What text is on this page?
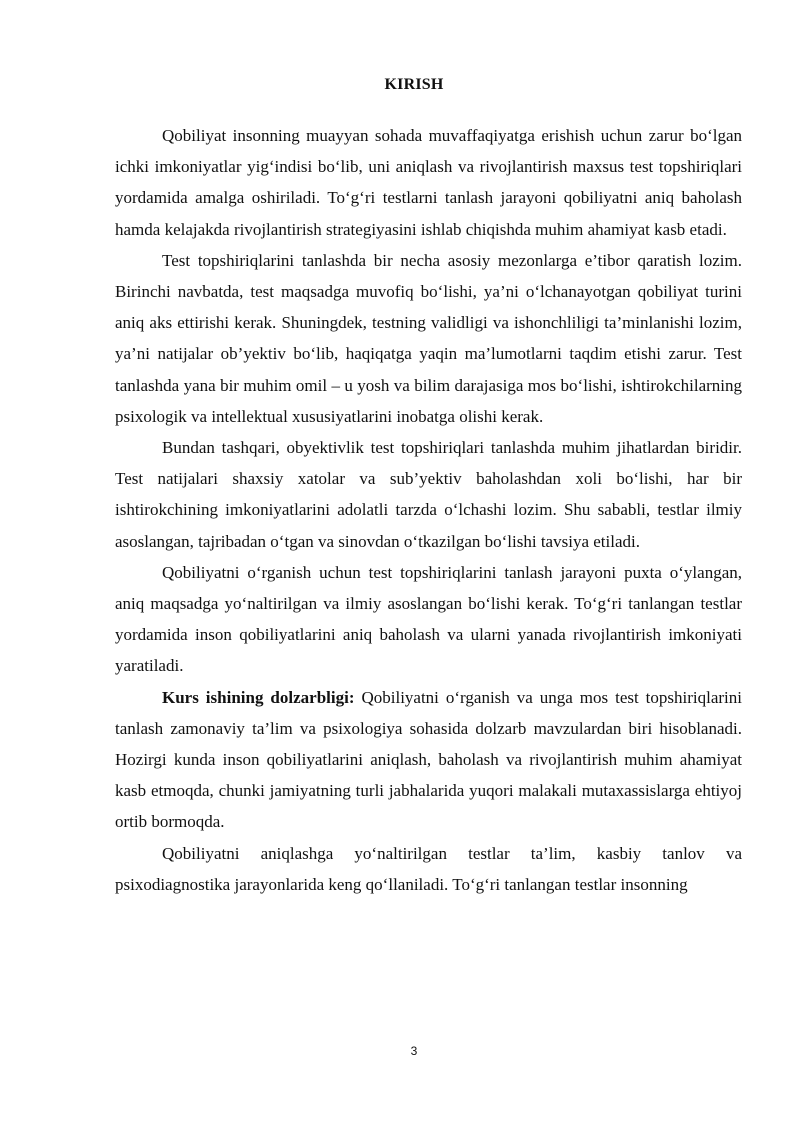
KIRISH

Qobiliyat insonning muayyan sohada muvaffaqiyatga erishish uchun zarur bo‘lgan ichki imkoniyatlar yig‘indisi bo‘lib, uni aniqlash va rivojlantirish maxsus test topshiriqlari yordamida amalga oshiriladi. To‘g‘ri testlarni tanlash jarayoni qobiliyatni aniq baholash hamda kelajakda rivojlantirish strategiyasini ishlab chiqishda muhim ahamiyat kasb etadi.

Test topshiriqlarini tanlashda bir necha asosiy mezonlarga e’tibor qaratish lozim. Birinchi navbatda, test maqsadga muvofiq bo‘lishi, ya’ni o‘lchanayotgan qobiliyat turini aniq aks ettirishi kerak. Shuningdek, testning validligi va ishonchliligi ta’minlanishi lozim, ya’ni natijalar ob’yektiv bo‘lib, haqiqatga yaqin ma’lumotlarni taqdim etishi zarur. Test tanlashda yana bir muhim omil – u yosh va bilim darajasiga mos bo‘lishi, ishtirokchilarning psixologik va intellektual xususiyatlarini inobatga olishi kerak.

Bundan tashqari, obyektivlik test topshiriqlari tanlashda muhim jihatlardan biridir. Test natijalari shaxsiy xatolar va sub’yektiv baholashdan xoli bo‘lishi, har bir ishtirokchining imkoniyatlarini adolatli tarzda o‘lchashi lozim. Shu sababli, testlar ilmiy asoslangan, tajribadan o‘tgan va sinovdan o‘tkazilgan bo‘lishi tavsiya etiladi.

Qobiliyatni o‘rganish uchun test topshiriqlarini tanlash jarayoni puxta o‘ylangan, aniq maqsadga yo‘naltirilgan va ilmiy asoslangan bo‘lishi kerak. To‘g‘ri tanlangan testlar yordamida inson qobiliyatlarini aniq baholash va ularni yanada rivojlantirish imkoniyati yaratiladi.

Kurs ishining dolzarbligi: Qobiliyatni o‘rganish va unga mos test topshiriqlarini tanlash zamonaviy ta’lim va psixologiya sohasida dolzarb mavzulardan biri hisoblanadi. Hozirgi kunda inson qobiliyatlarini aniqlash, baholash va rivojlantirish muhim ahamiyat kasb etmoqda, chunki jamiyatning turli jabhalarida yuqori malakali mutaxassislarga ehtiyoj ortib bormoqda.

Qobiliyatni aniqlashga yo‘naltirilgan testlar ta’lim, kasbiy tanlov va psixodiagnostika jarayonlarida keng qo‘llaniladi. To‘g‘ri tanlangan testlar insonning

3
